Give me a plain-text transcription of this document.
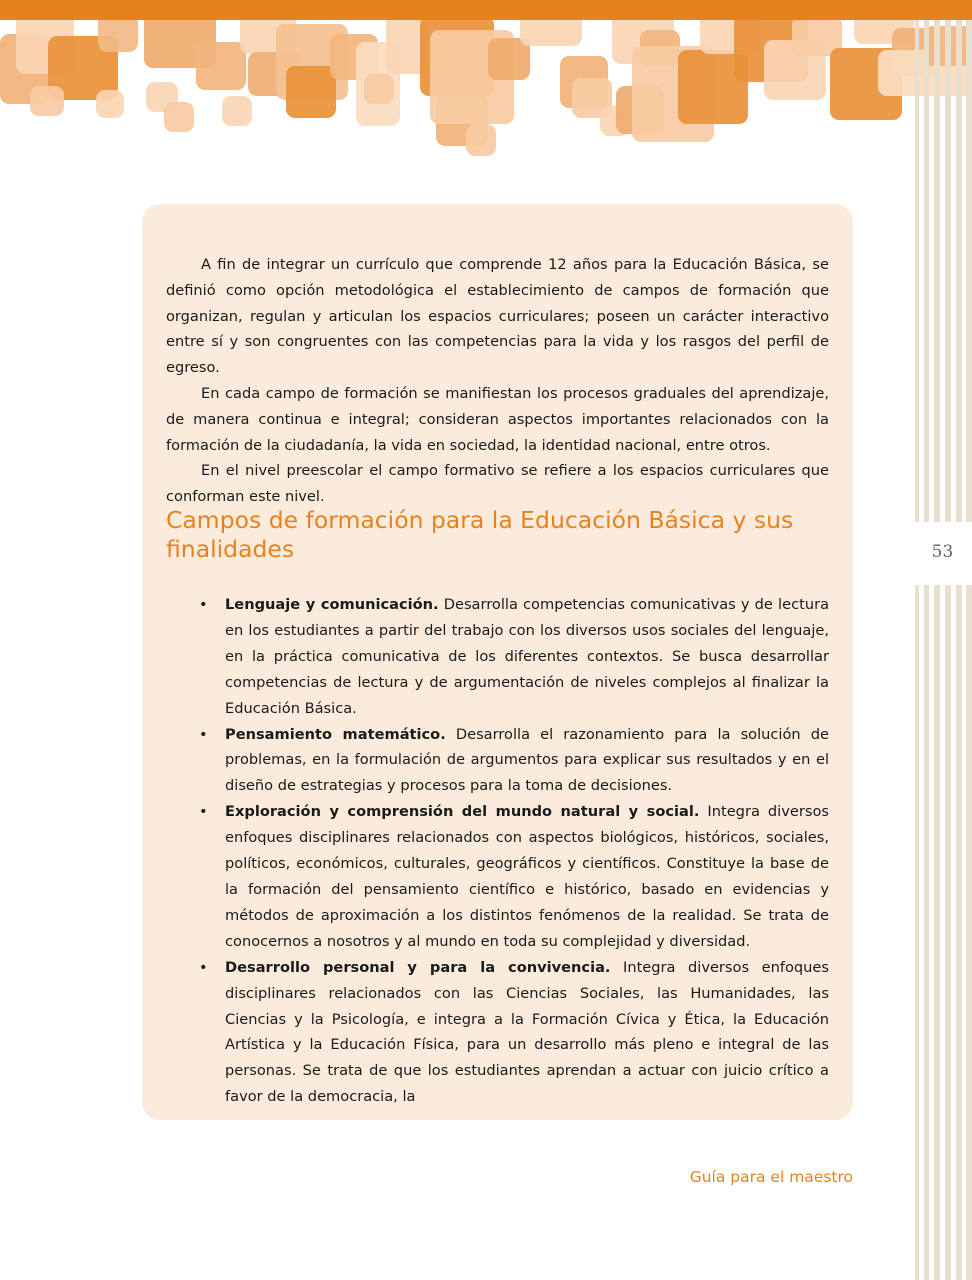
53

A fin de integrar un currículo que comprende 12 años para la Educación Básica, se definió como opción metodológica el establecimiento de campos de formación que organizan, regulan y articulan los espacios curriculares; poseen un carácter interactivo entre sí y son congruentes con las competencias para la vida y los rasgos del perfil de egreso.

En cada campo de formación se manifiestan los procesos graduales del aprendizaje, de manera continua e integral; consideran aspectos importantes relacionados con la formación de la ciudadanía, la vida en sociedad, la identidad nacional, entre otros.

En el nivel preescolar el campo formativo se refiere a los espacios curriculares que conforman este nivel.

Campos de formación para la Educación Básica y sus finalidades
• Lenguaje y comunicación. Desarrolla competencias comunicativas y de lectura en los estudiantes a partir del trabajo con los diversos usos sociales del lenguaje, en la práctica comunicativa de los diferentes contextos. Se busca desarrollar competencias de lectura y de argumentación de niveles complejos al finalizar la Educación Básica.
• Pensamiento matemático. Desarrolla el razonamiento para la solución de problemas, en la formulación de argumentos para explicar sus resultados y en el diseño de estrategias y procesos para la toma de decisiones.
• Exploración y comprensión del mundo natural y social. Integra diversos enfoques disciplinares relacionados con aspectos biológicos, históricos, sociales, políticos, económicos, culturales, geográficos y científicos. Constituye la base de la formación del pensamiento científico e histórico, basado en evidencias y métodos de aproximación a los distintos fenómenos de la realidad. Se trata de conocernos a nosotros y al mundo en toda su complejidad y diversidad.
• Desarrollo personal y para la convivencia. Integra diversos enfoques disciplinares relacionados con las Ciencias Sociales, las Humanidades, las Ciencias y la Psicología, e integra a la Formación Cívica y Ética, la Educación Artística y la Educación Física, para un desarrollo más pleno e integral de las personas. Se trata de que los estudiantes aprendan a actuar con juicio crítico a favor de la democracia, la
Guía para el maestro
